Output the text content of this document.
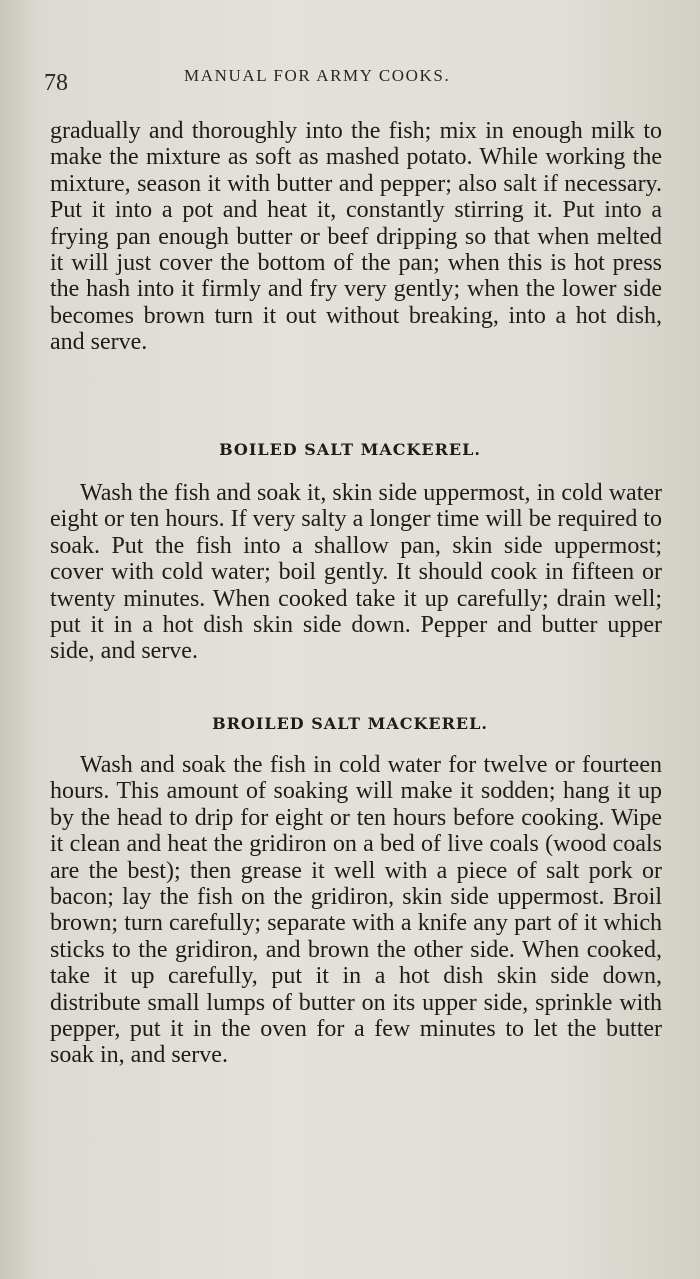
78	MANUAL FOR ARMY COOKS.

gradually and thoroughly into the fish; mix in enough milk to make the mixture as soft as mashed potato. While working the mixture, season it with butter and pepper; also salt if necessary. Put it into a pot and heat it, constantly stirring it. Put into a frying pan enough butter or beef dripping so that when melted it will just cover the bottom of the pan; when this is hot press the hash into it firmly and fry very gently; when the lower side becomes brown turn it out without breaking, into a hot dish, and serve.

BOILED SALT MACKEREL.

Wash the fish and soak it, skin side uppermost, in cold water eight or ten hours. If very salty a longer time will be required to soak. Put the fish into a shallow pan, skin side uppermost; cover with cold water; boil gently. It should cook in fifteen or twenty minutes. When cooked take it up carefully; drain well; put it in a hot dish skin side down. Pepper and butter upper side, and serve.

BROILED SALT MACKEREL.

Wash and soak the fish in cold water for twelve or fourteen hours. This amount of soaking will make it sodden; hang it up by the head to drip for eight or ten hours before cooking. Wipe it clean and heat the gridiron on a bed of live coals (wood coals are the best); then grease it well with a piece of salt pork or bacon; lay the fish on the gridiron, skin side uppermost. Broil brown; turn carefully; separate with a knife any part of it which sticks to the gridiron, and brown the other side. When cooked, take it up carefully, put it in a hot dish skin side down, distribute small lumps of butter on its upper side, sprinkle with pepper, put it in the oven for a few minutes to let the butter soak in, and serve.
